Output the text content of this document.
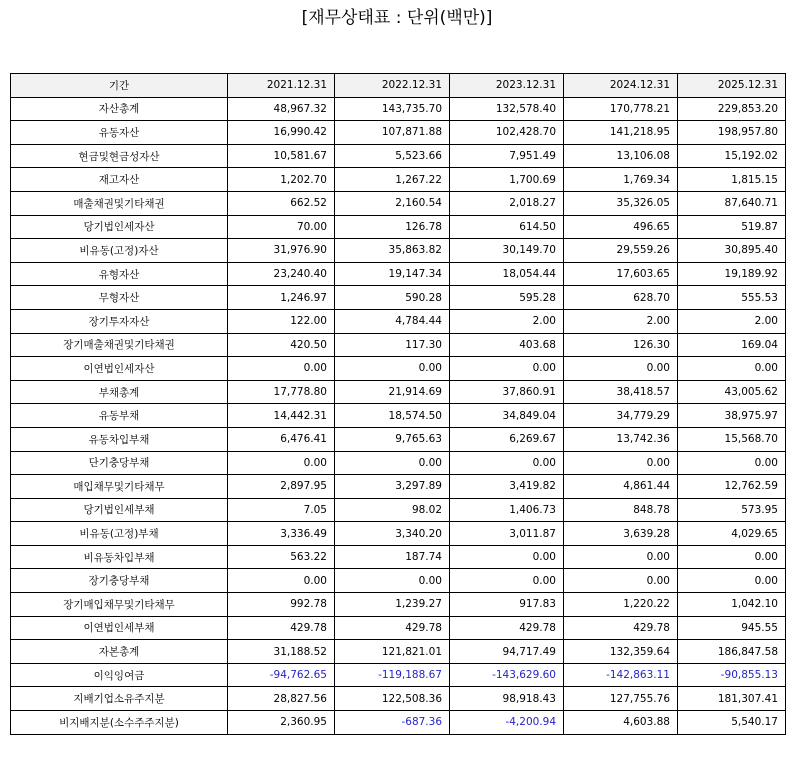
[재무상태표 : 단위(백만)]
기간	2021.12.31	2022.12.31	2023.12.31	2024.12.31	2025.12.31
자산총계	48,967.32	143,735.70	132,578.40	170,778.21	229,853.20
유동자산	16,990.42	107,871.88	102,428.70	141,218.95	198,957.80
현금및현금성자산	10,581.67	5,523.66	7,951.49	13,106.08	15,192.02
재고자산	1,202.70	1,267.22	1,700.69	1,769.34	1,815.15
매출채권및기타채권	662.52	2,160.54	2,018.27	35,326.05	87,640.71
당기법인세자산	70.00	126.78	614.50	496.65	519.87
비유동(고정)자산	31,976.90	35,863.82	30,149.70	29,559.26	30,895.40
유형자산	23,240.40	19,147.34	18,054.44	17,603.65	19,189.92
무형자산	1,246.97	590.28	595.28	628.70	555.53
장기투자자산	122.00	4,784.44	2.00	2.00	2.00
장기매출채권및기타채권	420.50	117.30	403.68	126.30	169.04
이연법인세자산	0.00	0.00	0.00	0.00	0.00
부채총계	17,778.80	21,914.69	37,860.91	38,418.57	43,005.62
유동부채	14,442.31	18,574.50	34,849.04	34,779.29	38,975.97
유동차입부채	6,476.41	9,765.63	6,269.67	13,742.36	15,568.70
단기충당부채	0.00	0.00	0.00	0.00	0.00
매입채무및기타채무	2,897.95	3,297.89	3,419.82	4,861.44	12,762.59
당기법인세부채	7.05	98.02	1,406.73	848.78	573.95
비유동(고정)부채	3,336.49	3,340.20	3,011.87	3,639.28	4,029.65
비유동차입부채	563.22	187.74	0.00	0.00	0.00
장기충당부채	0.00	0.00	0.00	0.00	0.00
장기매입채무및기타채무	992.78	1,239.27	917.83	1,220.22	1,042.10
이연법인세부채	429.78	429.78	429.78	429.78	945.55
자본총계	31,188.52	121,821.01	94,717.49	132,359.64	186,847.58
이익잉여금	-94,762.65	-119,188.67	-143,629.60	-142,863.11	-90,855.13
지배기업소유주지분	28,827.56	122,508.36	98,918.43	127,755.76	181,307.41
비지배지분(소수주주지분)	2,360.95	-687.36	-4,200.94	4,603.88	5,540.17
